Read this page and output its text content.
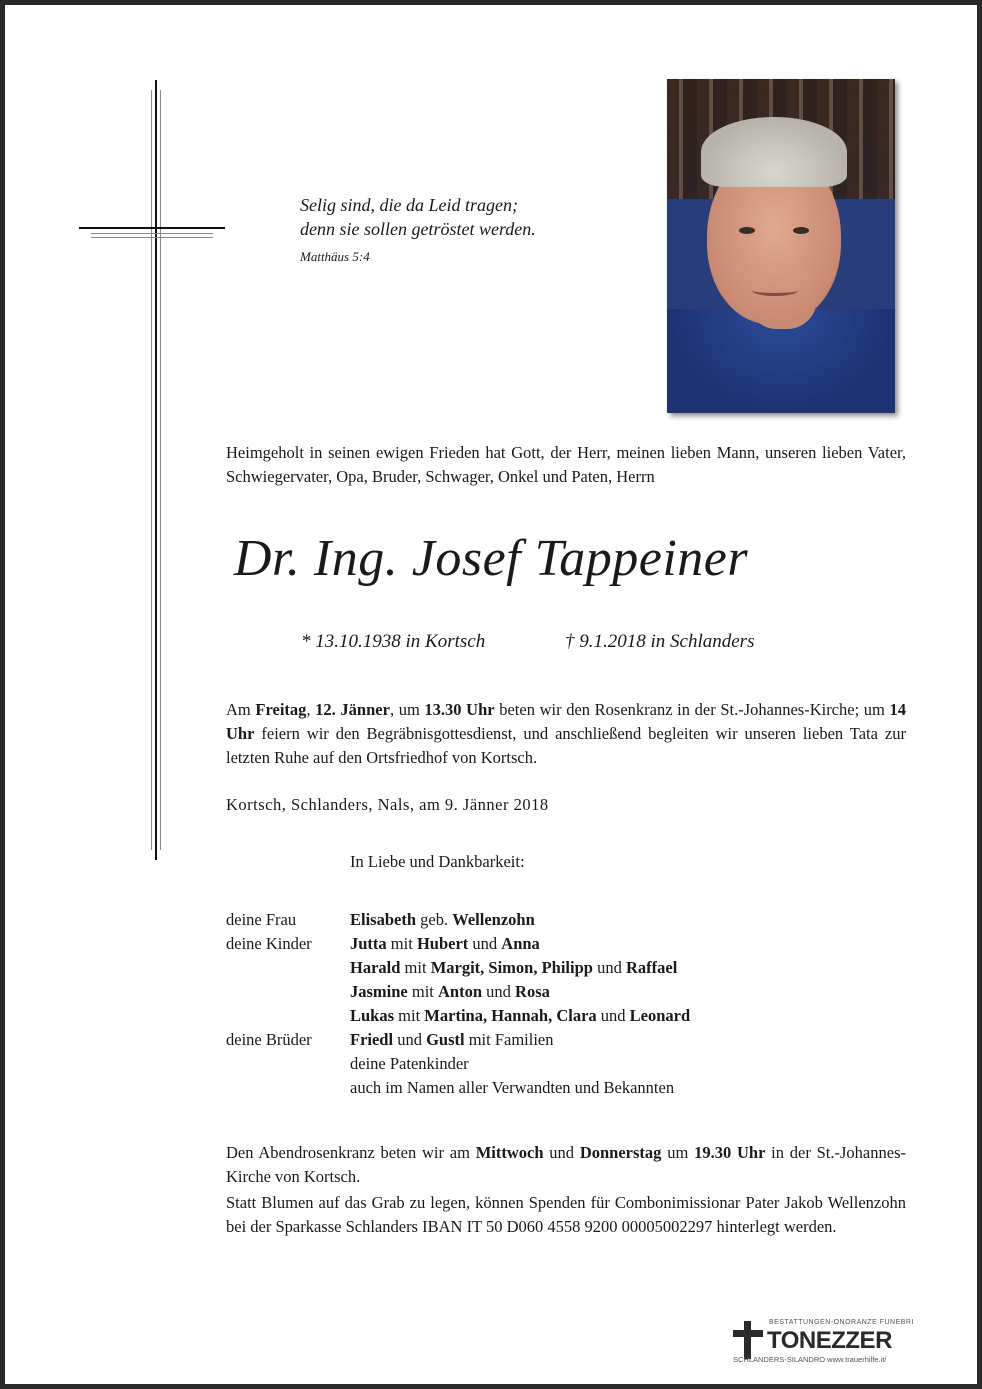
Selig sind, die da Leid tragen;
denn sie sollen getröstet werden.
Matthäus 5:4
Heimgeholt in seinen ewigen Frieden hat Gott, der Herr, meinen lieben Mann, unseren lieben Vater, Schwiegervater, Opa, Bruder, Schwager, Onkel und Paten, Herrn
Dr. Ing. Josef Tappeiner
* 13.10.1938 in Kortsch	† 9.1.2018 in Schlanders
Am Freitag, 12. Jänner, um 13.30 Uhr beten wir den Rosenkranz in der St.-Johannes-Kirche; um 14 Uhr feiern wir den Begräbnisgottesdienst, und anschließend begleiten wir unseren lieben Tata zur letzten Ruhe auf den Ortsfriedhof von Kortsch.
Kortsch, Schlanders, Nals, am 9. Jänner 2018
In Liebe und Dankbarkeit:
deine Frau	Elisabeth geb. Wellenzohn
deine Kinder	Jutta mit Hubert und Anna
Harald mit Margit, Simon, Philipp und Raffael
Jasmine mit Anton und Rosa
Lukas mit Martina, Hannah, Clara und Leonard
deine Brüder	Friedl und Gustl mit Familien
deine Patenkinder
auch im Namen aller Verwandten und Bekannten
Den Abendrosenkranz beten wir am Mittwoch und Donnerstag um 19.30 Uhr in der St.-Johannes-Kirche von Kortsch.
Statt Blumen auf das Grab zu legen, können Spenden für Combonimissionar Pater Jakob Wellenzohn bei der Sparkasse Schlanders IBAN IT 50 D060 4558 9200 00005002297 hinterlegt werden.
BESTATTUNGEN-ONORANZE FUNEBRI
TONEZZER
SCHLANDERS-SILANDRO www.trauerhilfe.it/
